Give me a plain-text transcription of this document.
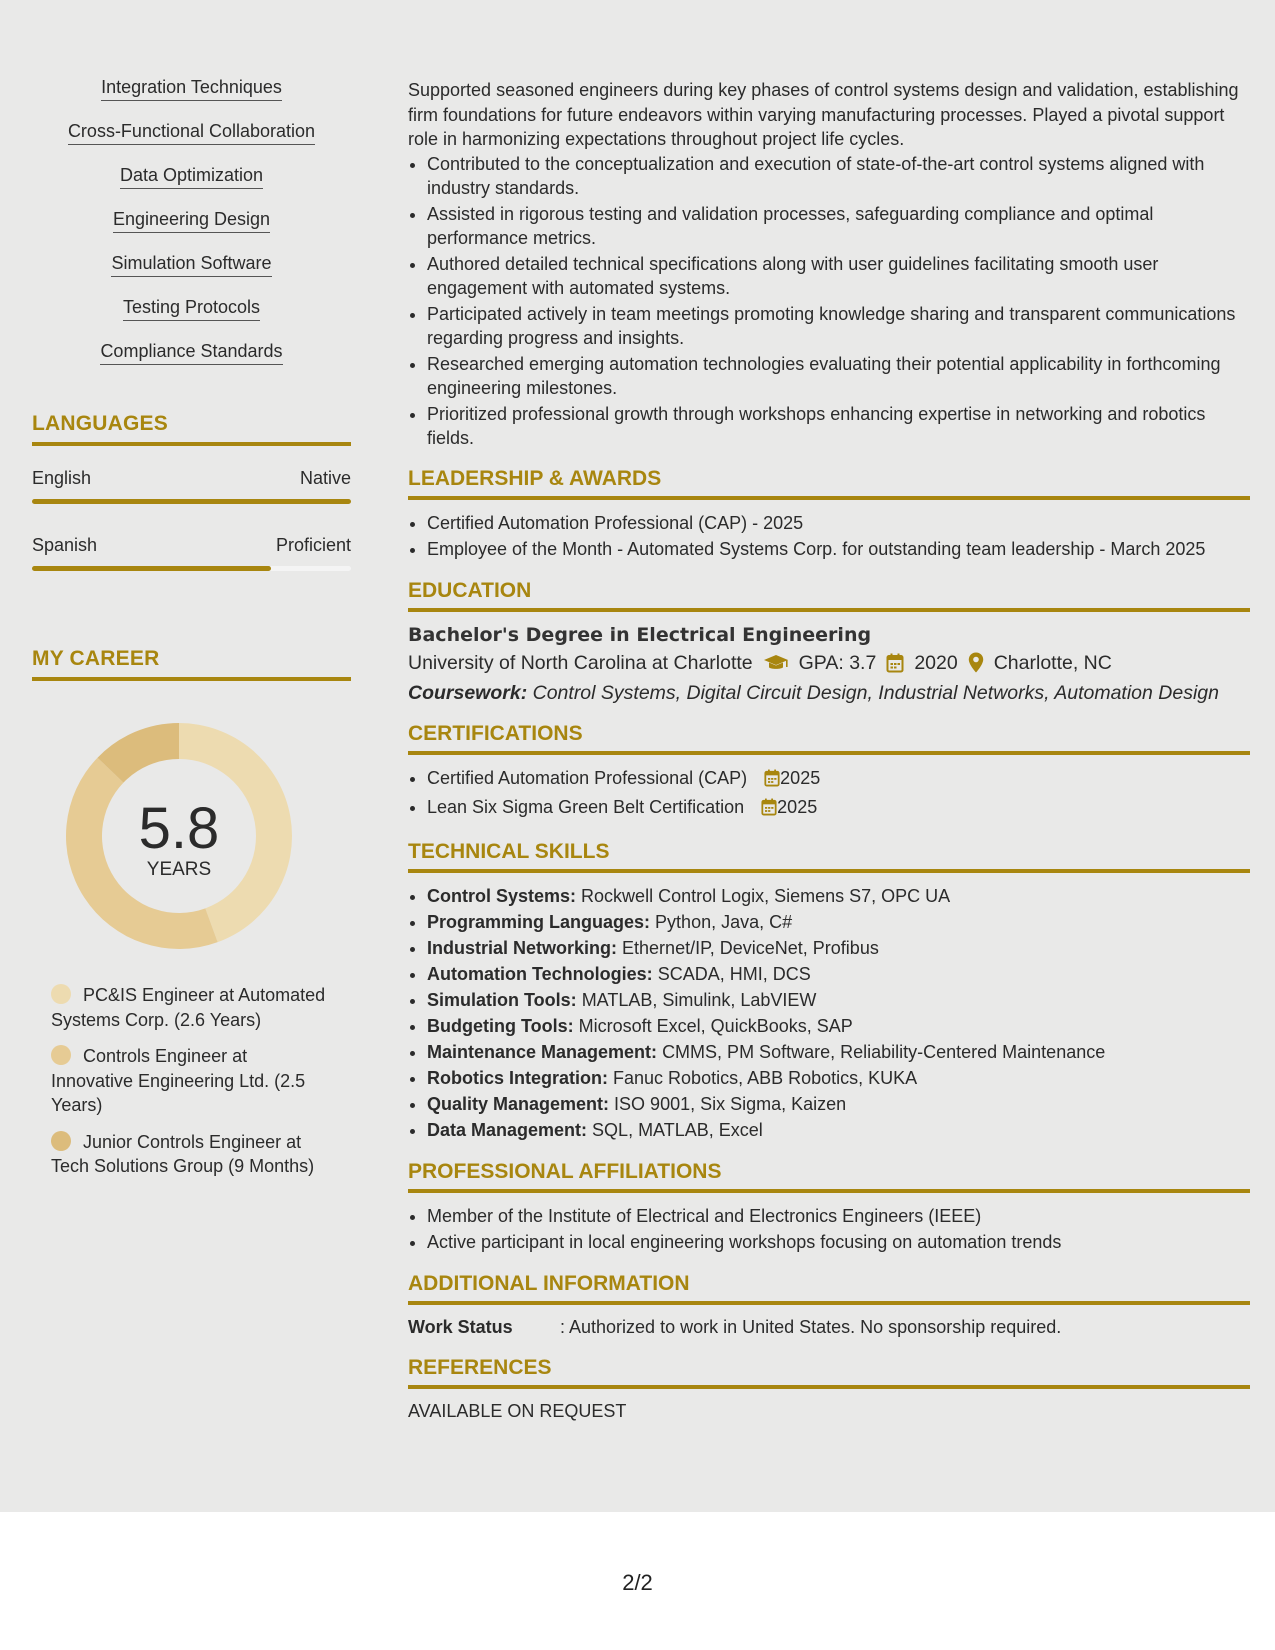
Integration Techniques
Cross-Functional Collaboration
Data Optimization
Engineering Design
Simulation Software
Testing Protocols
Compliance Standards
LANGUAGES
English	Native
Spanish	Proficient
MY CAREER
5.8
YEARS
PC&IS Engineer at Automated Systems Corp. (2.6 Years)
Controls Engineer at Innovative Engineering Ltd. (2.5 Years)
Junior Controls Engineer at Tech Solutions Group (9 Months)

Supported seasoned engineers during key phases of control systems design and validation, establishing firm foundations for future endeavors within varying manufacturing processes. Played a pivotal support role in harmonizing expectations throughout project life cycles.

• Contributed to the conceptualization and execution of state-of-the-art control systems aligned with industry standards.
• Assisted in rigorous testing and validation processes, safeguarding compliance and optimal performance metrics.
• Authored detailed technical specifications along with user guidelines facilitating smooth user engagement with automated systems.
• Participated actively in team meetings promoting knowledge sharing and transparent communications regarding progress and insights.
• Researched emerging automation technologies evaluating their potential applicability in forthcoming engineering milestones.
• Prioritized professional growth through workshops enhancing expertise in networking and robotics fields.
LEADERSHIP & AWARDS
• Certified Automation Professional (CAP) - 2025
• Employee of the Month - Automated Systems Corp. for outstanding team leadership - March 2025
EDUCATION
Bachelor's Degree in Electrical Engineering
University of North Carolina at Charlotte GPA: 3.7 2020 Charlotte, NC
Coursework: Control Systems, Digital Circuit Design, Industrial Networks, Automation Design
CERTIFICATIONS
• Certified Automation Professional (CAP) 2025
• Lean Six Sigma Green Belt Certification 2025
TECHNICAL SKILLS
• Control Systems: Rockwell Control Logix, Siemens S7, OPC UA
• Programming Languages: Python, Java, C#
• Industrial Networking: Ethernet/IP, DeviceNet, Profibus
• Automation Technologies: SCADA, HMI, DCS
• Simulation Tools: MATLAB, Simulink, LabVIEW
• Budgeting Tools: Microsoft Excel, QuickBooks, SAP
• Maintenance Management: CMMS, PM Software, Reliability-Centered Maintenance
• Robotics Integration: Fanuc Robotics, ABB Robotics, KUKA
• Quality Management: ISO 9001, Six Sigma, Kaizen
• Data Management: SQL, MATLAB, Excel
PROFESSIONAL AFFILIATIONS
• Member of the Institute of Electrical and Electronics Engineers (IEEE)
• Active participant in local engineering workshops focusing on automation trends
ADDITIONAL INFORMATION
Work Status	: Authorized to work in United States. No sponsorship required.
REFERENCES
AVAILABLE ON REQUEST
2/2
